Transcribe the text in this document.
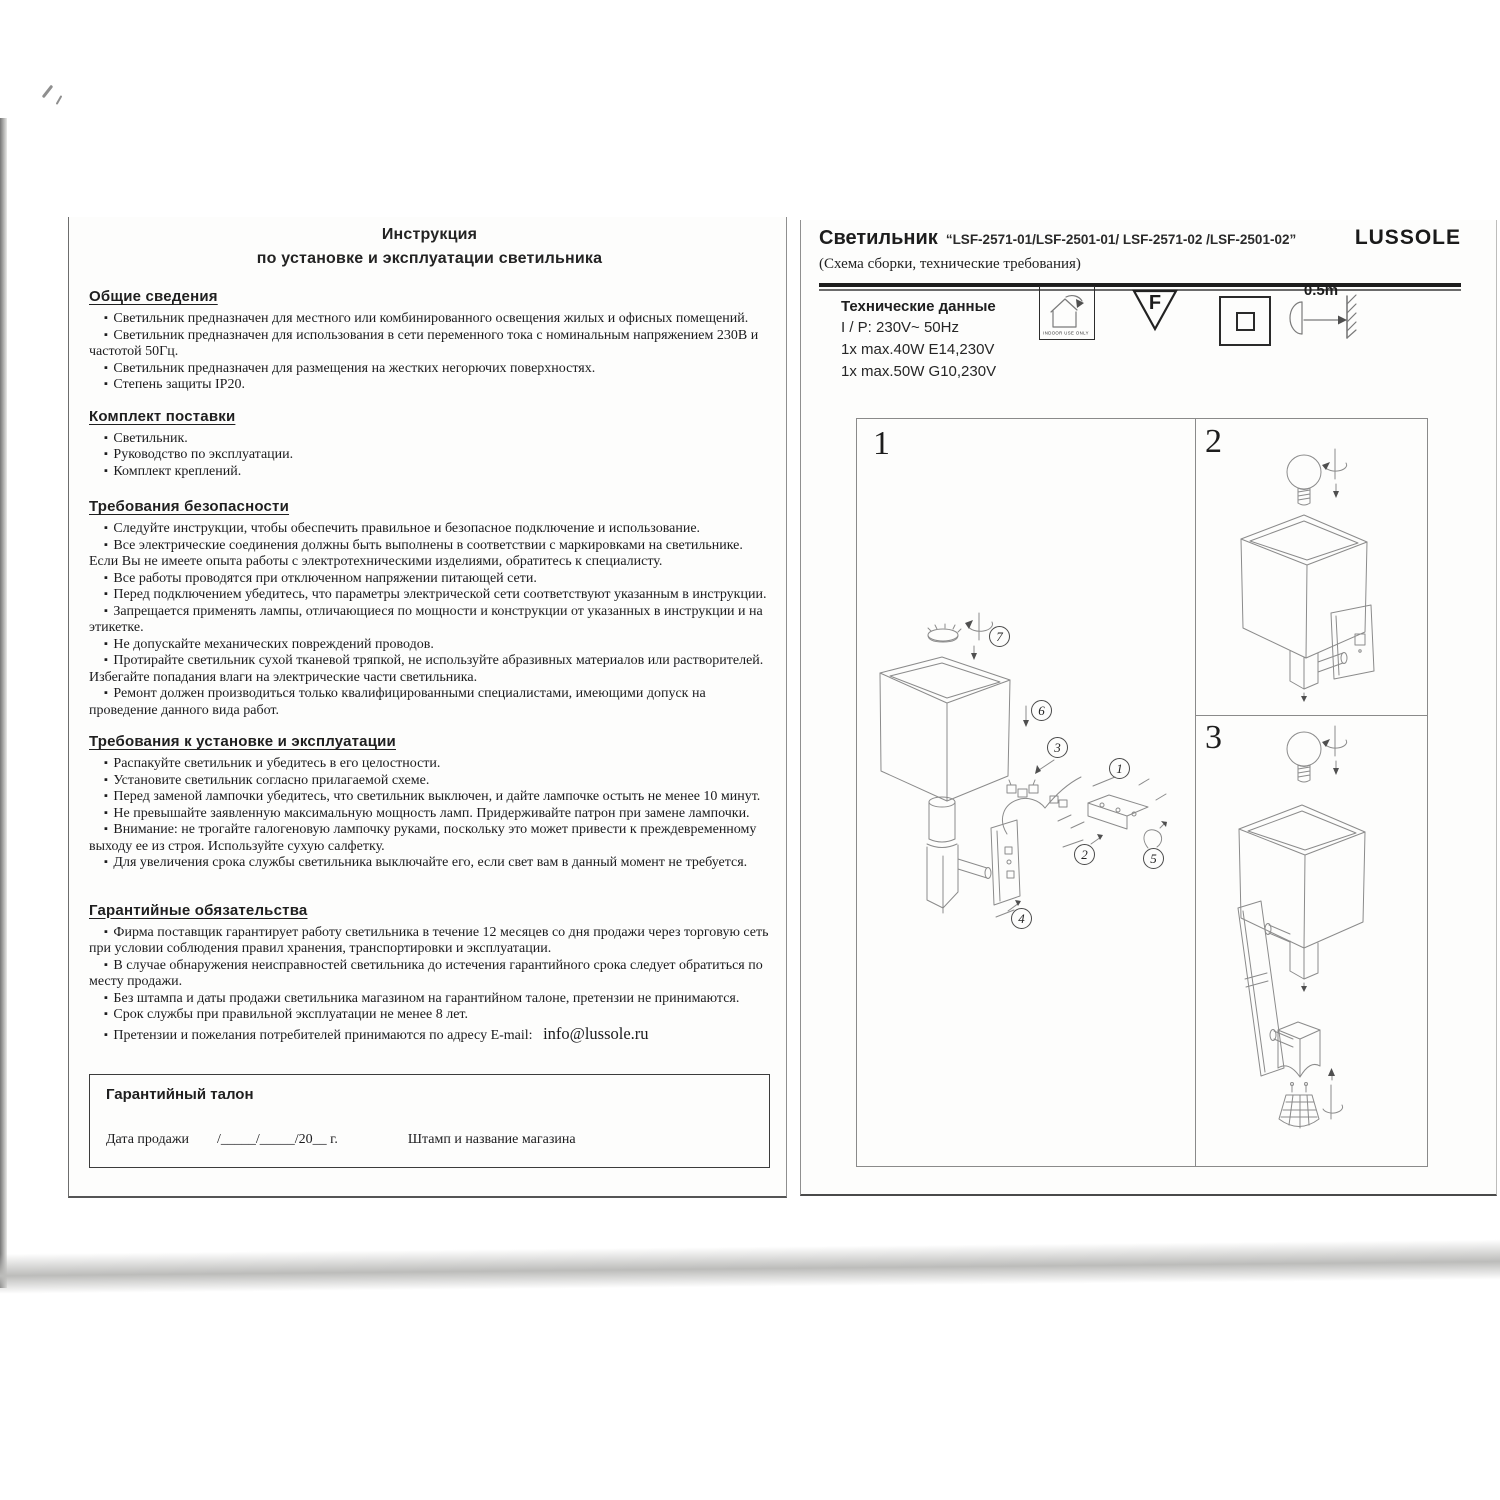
Инструкция
по установке и эксплуатации светильника
Общие сведения
▪ Светильник предназначен для местного или комбинированного освещения жилых и офисных помещений.
▪ Светильник предназначен для использования в сети переменного тока с номинальным напряжением 230В и частотой 50Гц.
▪ Светильник предназначен для размещения на жестких негорючих поверхностях.
▪ Степень защиты IP20.
Комплект поставки
▪ Светильник.
▪ Руководство по эксплуатации.
▪ Комплект креплений.
Требования безопасности
▪ Следуйте инструкции, чтобы обеспечить правильное и безопасное подключение и использование.
▪ Все электрические соединения должны быть выполнены в соответствии с маркировками на светильнике. Если Вы не имеете опыта работы с электротехническими изделиями, обратитесь к специалисту.
▪ Все работы проводятся при отключенном напряжении питающей сети.
▪ Перед подключением убедитесь, что параметры электрической сети соответствуют указанным в инструкции.
▪ Запрещается применять лампы, отличающиеся по мощности и конструкции от указанных в инструкции и на этикетке.
▪ Не допускайте механических повреждений проводов.
▪ Протирайте светильник сухой тканевой тряпкой, не используйте абразивных материалов или растворителей. Избегайте попадания влаги на электрические части светильника.
▪ Ремонт должен производиться только квалифицированными специалистами, имеющими допуск на проведение данного вида работ.
Требования к установке и эксплуатации
▪ Распакуйте светильник и убедитесь в его целостности.
▪ Установите светильник согласно прилагаемой схеме.
▪ Перед заменой лампочки убедитесь, что светильник выключен, и дайте лампочке остыть не менее 10 минут.
▪ Не превышайте заявленную максимальную мощность ламп. Придерживайте патрон при замене лампочки.
▪ Внимание: не трогайте галогеновую лампочку руками, поскольку это может привести к преждевременному выходу ее из строя. Используйте сухую салфетку.
▪ Для увеличения срока службы светильника выключайте его, если свет вам в данный момент не требуется.
Гарантийные обязательства
▪ Фирма поставщик гарантирует работу светильника в течение 12 месяцев со дня продажи через торговую сеть при условии соблюдения правил хранения, транспортировки и эксплуатации.
▪ В случае обнаружения неисправностей светильника до истечения гарантийного срока следует обратиться по месту продажи.
▪ Без штампа и даты продажи светильника магазином на гарантийном талоне, претензии не принимаются.
▪ Срок службы при правильной эксплуатации не менее 8 лет.
▪ Претензии и пожелания потребителей принимаются по адресу E-mail: info@lussole.ru
Гарантийный талон
Дата продажи /_____/_____/20__ г.	Штамп и название магазина
Светильник “LSF-2571-01/LSF-2501-01/ LSF-2571-02 /LSF-2501-02”	LUSSOLE
(Схема сборки, технические требования)
Технические данные
I / P: 230V~ 50Hz
1x max.40W E14,230V
1x max.50W G10,230V
INDOOR USE ONLY
F
0.5m
1	2
3
1
2
3
4
5
6
7
